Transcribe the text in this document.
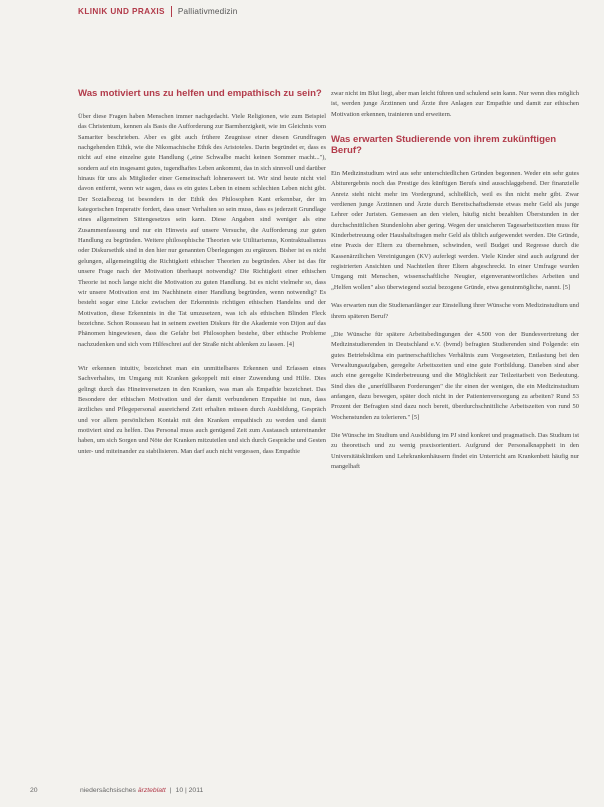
KLINIK UND PRAXIS Palliativmedizin
Was motiviert uns zu helfen und empathisch zu sein?

Über diese Fragen haben Menschen immer nachgedacht. Viele Religionen, wie zum Beispiel das Christentum, kennen als Basis die Aufforderung zur Barmherzigkeit, wie im Gleichnis vom Samariter beschrieben. Aber es gibt auch frühere Zeugnisse einer diesen Grundfragen nachgehenden Ethik, wie die Nikomachische Ethik des Aristoteles. Darin begründet er, dass es nicht auf eine einzelne gute Handlung („eine Schwalbe macht keinen Sommer macht..."), sondern auf ein insgesamt gutes, tugendhaftes Leben ankommt, das in sich sinnvoll und darüber hinaus für uns als Mitglieder einer Gemeinschaft lohnenswert ist. Wir sind heute nicht viel davon entfernt, wenn wir sagen, dass es ein gutes Leben in einem schlechten Leben nicht gibt. Der Sozialbezug ist besonders in der Ethik des Philosophen Kant erkennbar, der im kategorischen Imperativ fordert, dass unser Verhalten so sein muss, dass es jederzeit Grundlage eines allgemeinen Sittengesetzes sein kann. Diese Angaben sind weniger als eine Zusammenfassung und nur ein Hinweis auf unsere Versuche, die Aufforderung zur guten Handlung zu begründen. Weitere philosophische Theorien wie Utilitarismus, Kontraktualismus oder Diskursethik sind in den hier nur genannten Überlegungen zu ergänzen. Bisher ist es nicht gelungen, allgemeingültig die Richtigkeit ethischer Theorien zu begründen. Aber ist das für unsere Frage nach der Motivation überhaupt notwendig? Die Richtigkeit einer ethischen Theorie ist noch lange nicht die Motivation zu guten Handlung. Ist es nicht vielmehr so, dass wir unsere Motivation erst im Nachhinein einer Handlung begründen, wenn notwendig? Es besteht sogar eine Lücke zwischen der Erkenntnis richtigen ethischen Handelns und der Motivation, diese Erkenntnis in die Tat umzusetzen, was ich als ethischen Blinden Fleck bezeichne. Schon Rousseau hat in seinem zweiten Diskurs für die Akademie von Dijon auf das Phänomen hingewiesen, dass die Gefahr bei Philosophen bestehe, über ethische Probleme nachzudenken und sich vom Hilfeschrei auf der Straße nicht ablenken zu lassen. [4]

Wir erkennen intuitiv, bezeichnet man ein unmittelbares Erkennen und Erfassen eines Sachverhaltes, im Umgang mit Kranken gekoppelt mit einer Zuwendung und Hilfe. Dies gelingt durch das Hineinversetzen in den Kranken, was man als Empathie bezeichnet. Das Besondere der ethischen Motivation und der damit verbundenen Empathie ist nun, dass ärztliches und Pflegepersonal ausreichend Zeit erhalten müssen durch Ausbildung, Gespräch und vor allem persönlichen Kontakt mit den Kranken empathisch zu werden und damit motiviert sind zu helfen. Das Personal muss auch genügend Zeit zum Austausch untereinander haben, um sich Sorgen und Nöte der Kranken mitzuteilen und sich durch Gespräche und Gesten unter- und miteinander zu stabilisieren. Man darf auch nicht vergessen, dass Empathie

zwar nicht im Blut liegt, aber man leicht führen und schulend sein kann. Nur wenn dies möglich ist, werden junge Ärztinnen und Ärzte ihre Anlagen zur Empathie und damit zur ethischen Motivation erkennen, trainieren und erweitern.

Was erwarten Studierende von ihrem zukünftigen Beruf?

Ein Medizinstudium wird aus sehr unterschiedlichen Gründen begonnen. Weder ein sehr gutes Abiturergebnis noch das Prestige des künftigen Berufs sind ausschlaggebend. Der finanzielle Anreiz steht nicht mehr im Vordergrund, schließlich, weil es ihn nicht mehr gibt. Zwar verdienen junge Ärztinnen und Ärzte durch Bereitschaftsdienste etwas mehr Geld als junge Lehrer oder Juristen. Gemessen an den vielen, häufig nicht bezahlten Überstunden in der durchschnittlichen Stundenlohn aber gering. Wegen der unsicheren Tagesarbeitszeiten muss für Kinderbetreuung oder Haushaltsfragen mehr Geld als üblich aufgewendet werden. Die Gründe, eine Praxis der Eltern zu übernehmen, schwinden, weil Budget und Regresse durch die Kassenärztlichen Vereinigungen (KV) auferlegt werden. Viele Kinder sind auch aufgrund der registrierten Ansichten und Nachteilen ihrer Eltern abgeschreckt. In einer Umfrage wurden Umgang mit Menschen, wissenschaftliche Neugier, eigenverantwortliches Arbeiten und „Helfen wollen" also überwiegend sozial bezogene Gründe, etwa genuinmögliche, nannt. [5]

Was erwarten nun die Studienanfänger zur Einstellung ihrer Wünsche vom Medizinstudium und ihrem späteren Beruf?

„Die Wünsche für spätere Arbeitsbedingungen der 4.500 von der Bundesvertretung der Medizinstudierenden in Deutschland e.V. (bvmd) befragten Studierenden sind Folgende: ein gutes Betriebsklima ein partnerschaftliches Verhältnis zum Vorgesetzten, Entlastung bei den Verwaltungsaufgaben, geregelte Arbeitszeiten und eine gute Fortbildung. Daneben sind aber auch eine geregelte Kinderbetreuung und die Möglichkeit zur Teilzeitarbeit von Bedeutung. Sind dies die „unerfüllbaren Forderungen" die ihr einen der wenigen, die ein Medizinstudium anfangen, dazu bewegen, später doch nicht in der Patientenversorgung zu arbeiten? Rund 53 Prozent der Befragten sind dazu noch bereit, überdurchschnittliche Arbeitszeiten von rund 50 Wochenstunden zu tolerieren." [5]

Die Wünsche im Studium und Ausbildung im PJ sind konkret und pragmatisch. Das Studium ist zu theoretisch und zu wenig praxisorientiert. Aufgrund der Personalknappheit in den Universitätskliniken und Lehrkrankenhäusern findet ein Unterricht am Krankenbett häufig nur mangelhaft

20	niedersächsisches ärzteblatt | 10 | 2011
